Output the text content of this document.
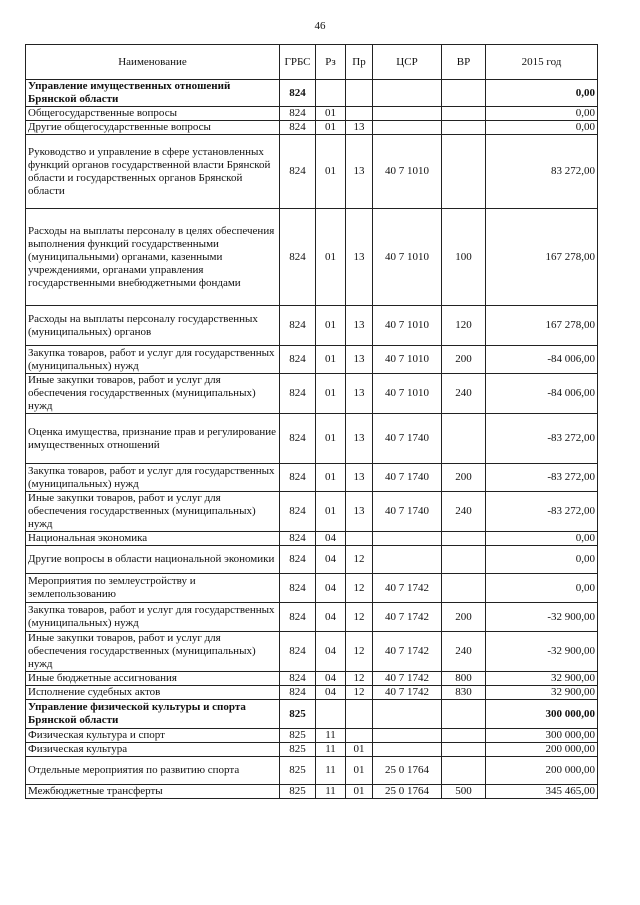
46
Наименование	ГРБС	Рз	Пр	ЦСР	ВР	2015 год
Управление имущественных отношений Брянской области	824					0,00
Общегосударственные вопросы	824	01				0,00
Другие общегосударственные вопросы	824	01	13			0,00
Руководство и управление в сфере установленных функций органов государственной власти Брянской области и государственных органов Брянской области	824	01	13	40 7 1010		83 272,00
Расходы на выплаты персоналу в целях обеспечения выполнения функций государственными (муниципальными) органами, казенными учреждениями, органами управления государственными внебюджетными фондами	824	01	13	40 7 1010	100	167 278,00
Расходы на выплаты персоналу государственных (муниципальных) органов	824	01	13	40 7 1010	120	167 278,00
Закупка товаров, работ и услуг для государственных (муниципальных) нужд	824	01	13	40 7 1010	200	-84 006,00
Иные закупки товаров, работ и услуг для обеспечения государственных (муниципальных) нужд	824	01	13	40 7 1010	240	-84 006,00
Оценка имущества, признание прав и регулирование имущественных отношений	824	01	13	40 7 1740		-83 272,00
Закупка товаров, работ и услуг для государственных (муниципальных) нужд	824	01	13	40 7 1740	200	-83 272,00
Иные закупки товаров, работ и услуг для обеспечения государственных (муниципальных) нужд	824	01	13	40 7 1740	240	-83 272,00
Национальная экономика	824	04				0,00
Другие вопросы в области национальной экономики	824	04	12			0,00
Мероприятия по землеустройству и землепользованию	824	04	12	40 7 1742		0,00
Закупка товаров, работ и услуг для государственных (муниципальных) нужд	824	04	12	40 7 1742	200	-32 900,00
Иные закупки товаров, работ и услуг для обеспечения государственных (муниципальных) нужд	824	04	12	40 7 1742	240	-32 900,00
Иные бюджетные ассигнования	824	04	12	40 7 1742	800	32 900,00
Исполнение судебных актов	824	04	12	40 7 1742	830	32 900,00
Управление физической культуры и спорта Брянской области	825					300 000,00
Физическая культура и спорт	825	11				300 000,00
Физическая культура	825	11	01			200 000,00
Отдельные мероприятия по развитию спорта	825	11	01	25 0 1764		200 000,00
Межбюджетные трансферты	825	11	01	25 0 1764	500	345 465,00
